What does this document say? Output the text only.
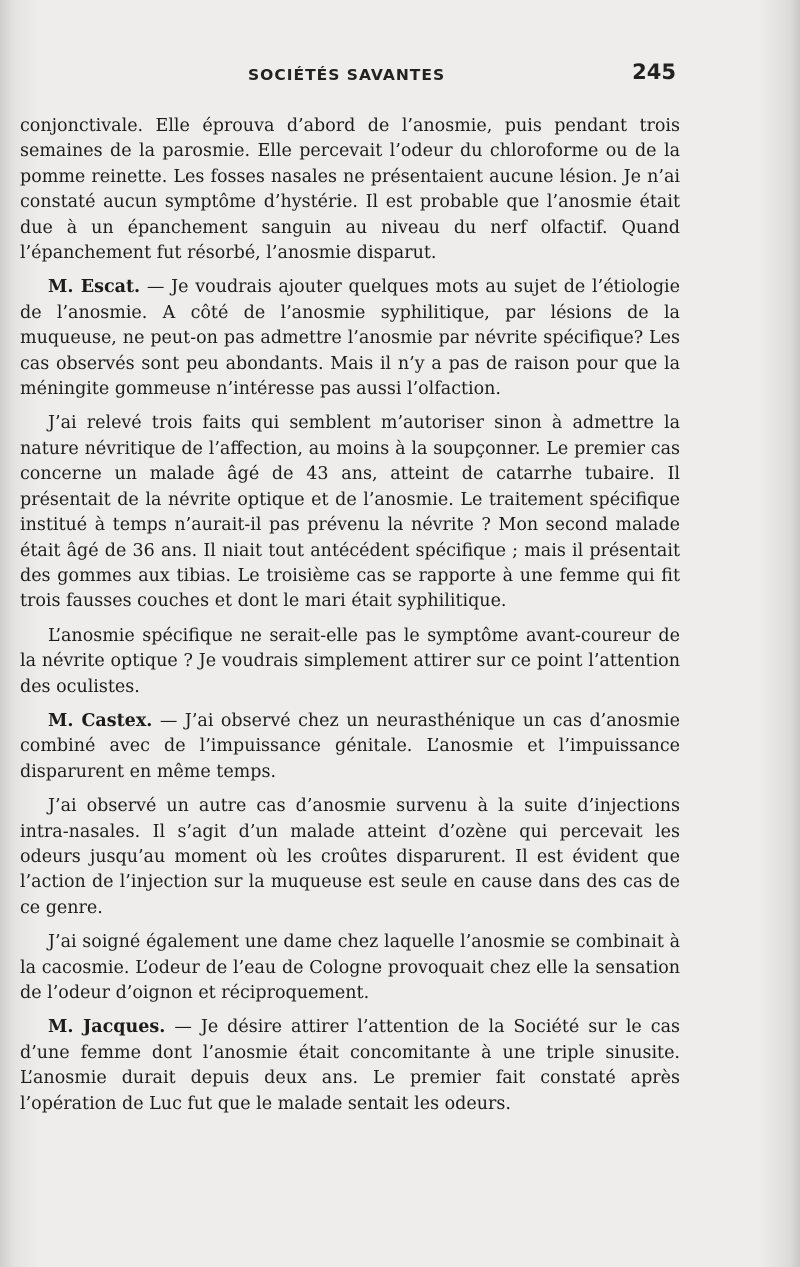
SOCIÉTÉS SAVANTES	245

conjonctivale. Elle éprouva d’abord de l’anosmie, puis pendant trois semaines de la parosmie. Elle percevait l’odeur du chloroforme ou de la pomme reinette. Les fosses nasales ne présentaient aucune lésion. Je n’ai constaté aucun symptôme d’hystérie. Il est probable que l’anosmie était due à un épanchement sanguin au niveau du nerf olfactif. Quand l’épanchement fut résorbé, l’anosmie disparut.

M. Escat. — Je voudrais ajouter quelques mots au sujet de l’étiologie de l’anosmie. A côté de l’anosmie syphilitique, par lésions de la muqueuse, ne peut-on pas admettre l’anosmie par névrite spécifique? Les cas observés sont peu abondants. Mais il n’y a pas de raison pour que la méningite gommeuse n’intéresse pas aussi l’olfaction.

J’ai relevé trois faits qui semblent m’autoriser sinon à admettre la nature névritique de l’affection, au moins à la soupçonner. Le premier cas concerne un malade âgé de 43 ans, atteint de catarrhe tubaire. Il présentait de la névrite optique et de l’anosmie. Le traitement spécifique institué à temps n’aurait-il pas prévenu la névrite ? Mon second malade était âgé de 36 ans. Il niait tout antécédent spécifique ; mais il présentait des gommes aux tibias. Le troisième cas se rapporte à une femme qui fit trois fausses couches et dont le mari était syphilitique.

L’anosmie spécifique ne serait-elle pas le symptôme avant-coureur de la névrite optique ? Je voudrais simplement attirer sur ce point l’attention des oculistes.

M. Castex. — J’ai observé chez un neurasthénique un cas d’anosmie combiné avec de l’impuissance génitale. L’anosmie et l’impuissance disparurent en même temps.

J’ai observé un autre cas d’anosmie survenu à la suite d’injections intra-nasales. Il s’agit d’un malade atteint d’ozène qui percevait les odeurs jusqu’au moment où les croûtes disparurent. Il est évident que l’action de l’injection sur la muqueuse est seule en cause dans des cas de ce genre.

J’ai soigné également une dame chez laquelle l’anosmie se combinait à la cacosmie. L’odeur de l’eau de Cologne provoquait chez elle la sensation de l’odeur d’oignon et réciproquement.

M. Jacques. — Je désire attirer l’attention de la Société sur le cas d’une femme dont l’anosmie était concomitante à une triple sinusite. L’anosmie durait depuis deux ans. Le premier fait constaté après l’opération de Luc fut que le malade sentait les odeurs.
